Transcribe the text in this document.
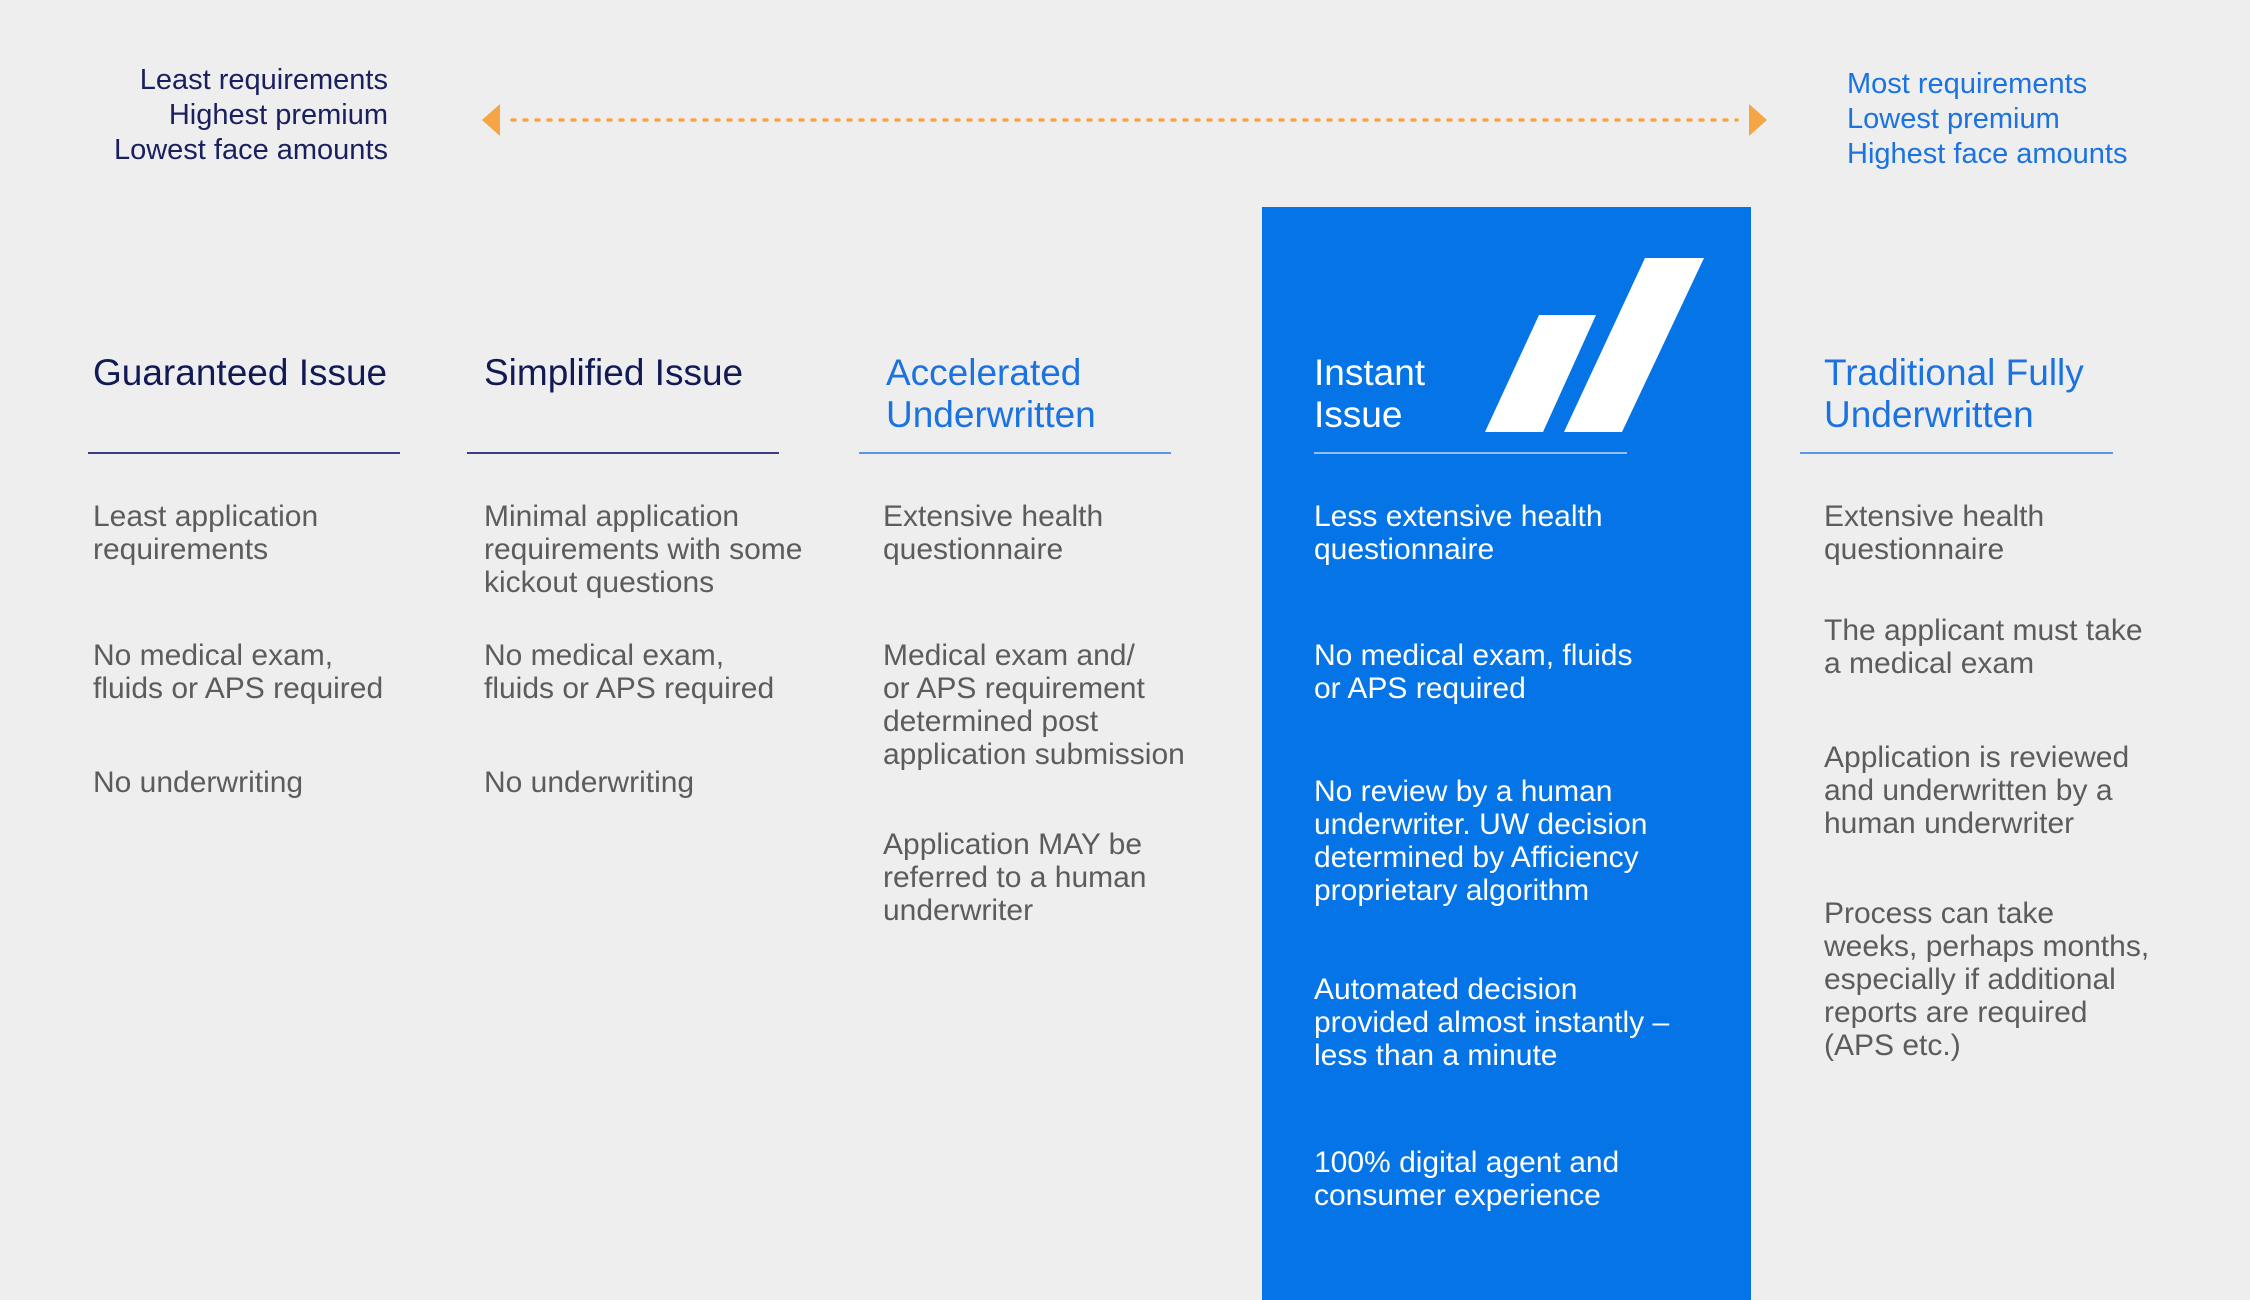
Least requirements
Highest premium
Lowest face amounts
Most requirements
Lowest premium
Highest face amounts
Guaranteed Issue
Least application
requirements
No medical exam,
fluids or APS required
No underwriting
Simplified Issue
Minimal application
requirements with some
kickout questions
No medical exam,
fluids or APS required
No underwriting
Accelerated
Underwritten
Extensive health
questionnaire
Medical exam and/
or APS requirement
determined post
application submission
Application MAY be
referred to a human
underwriter
Instant
Issue
Less extensive health
questionnaire
No medical exam, fluids
or APS required
No review by a human
underwriter. UW decision
determined by Afficiency
proprietary algorithm
Automated decision
provided almost instantly –
less than a minute
100% digital agent and
consumer experience
Traditional Fully
Underwritten
Extensive health
questionnaire
The applicant must take
a medical exam
Application is reviewed
and underwritten by a
human underwriter
Process can take
weeks, perhaps months,
especially if additional
reports are required
(APS etc.)
